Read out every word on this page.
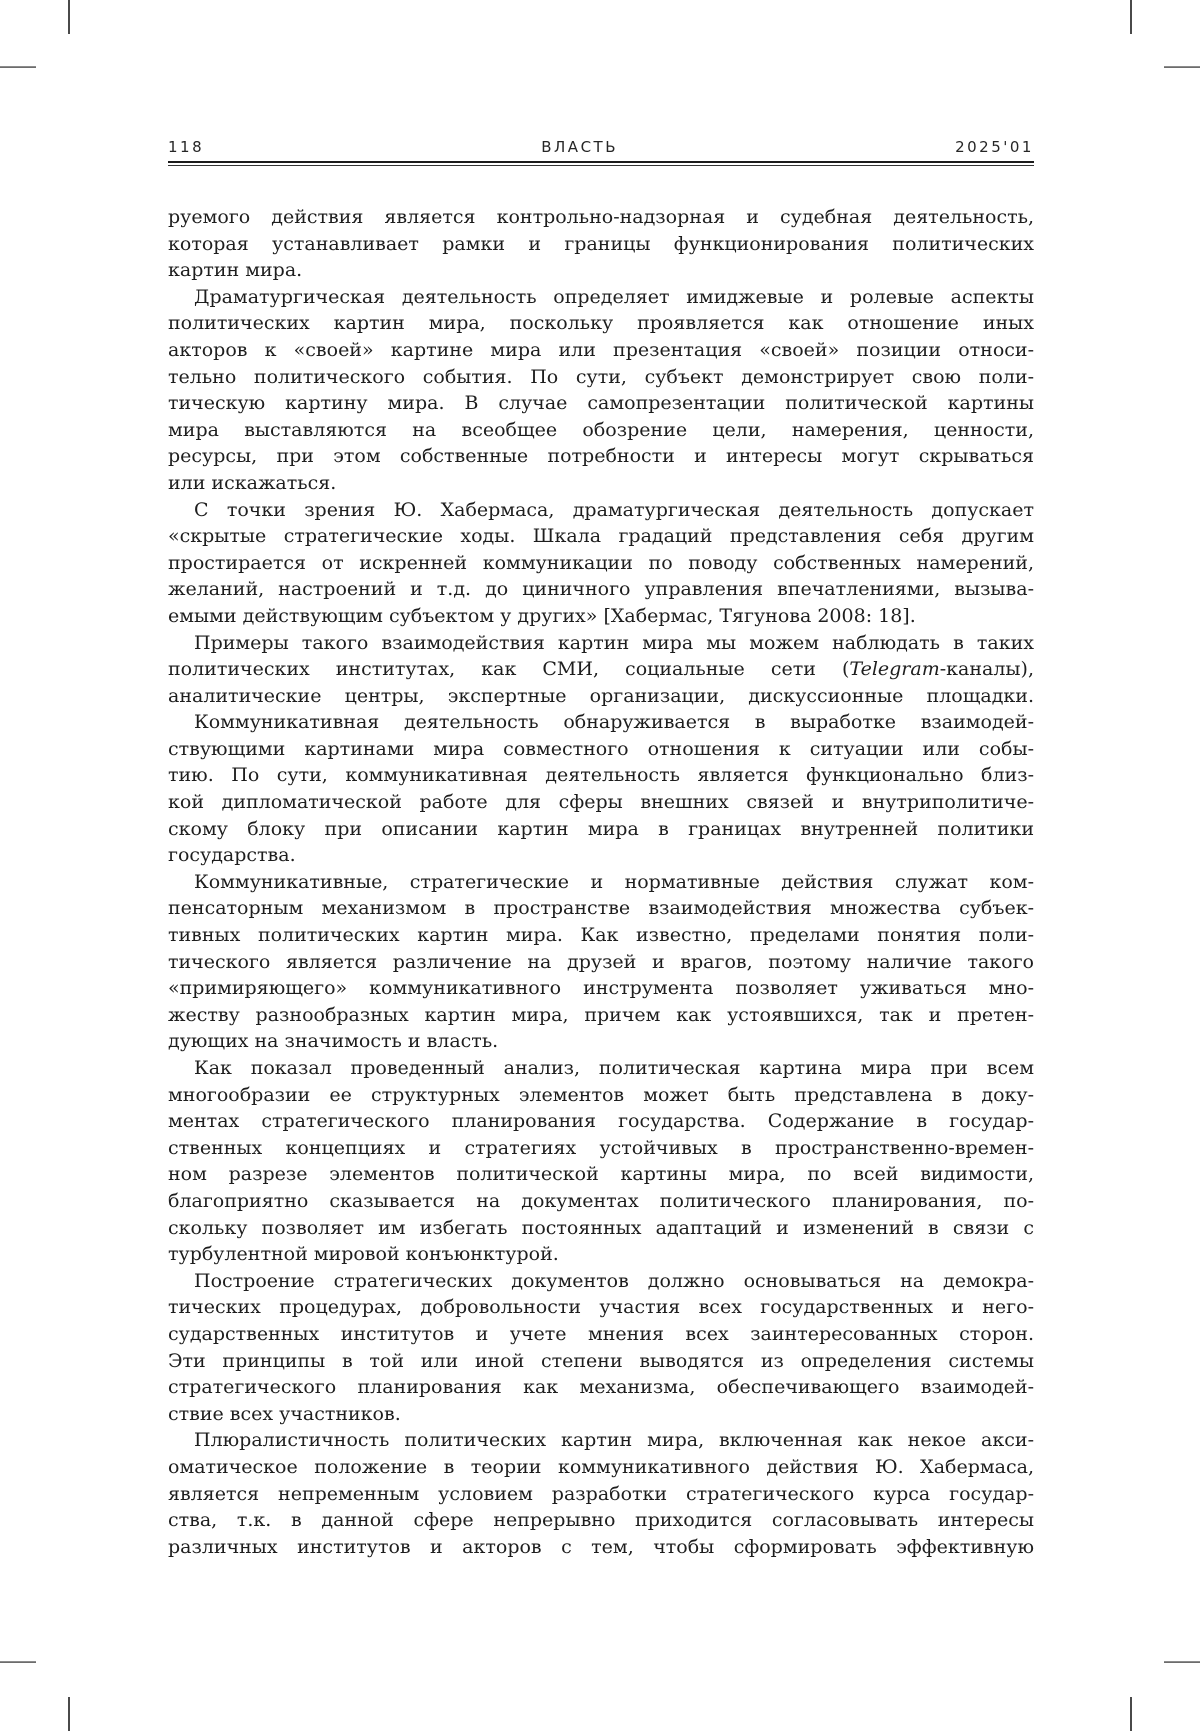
118	ВЛАСТЬ	2025'01
руемого действия является контрольно-надзорная и судебная деятельность,
которая устанавливает рамки и границы функционирования политических
картин мира.
Драматургическая деятельность определяет имиджевые и ролевые аспекты
политических картин мира, поскольку проявляется как отношение иных
акторов к «своей» картине мира или презентация «своей» позиции относи-
тельно политического события. По сути, субъект демонстрирует свою поли-
тическую картину мира. В случае самопрезентации политической картины
мира выставляются на всеобщее обозрение цели, намерения, ценности,
ресурсы, при этом собственные потребности и интересы могут скрываться
или искажаться.
С точки зрения Ю. Хабермаса, драматургическая деятельность допускает
«скрытые стратегические ходы. Шкала градаций представления себя другим
простирается от искренней коммуникации по поводу собственных намерений,
желаний, настроений и т.д. до циничного управления впечатлениями, вызыва-
емыми действующим субъектом у других» [Хабермас, Тягунова 2008: 18].
Примеры такого взаимодействия картин мира мы можем наблюдать в таких
политических институтах, как СМИ, социальные сети (Telegram-каналы),
аналитические центры, экспертные организации, дискуссионные площадки.
Коммуникативная деятельность обнаруживается в выработке взаимодей-
ствующими картинами мира совместного отношения к ситуации или собы-
тию. По сути, коммуникативная деятельность является функционально близ-
кой дипломатической работе для сферы внешних связей и внутриполитиче-
скому блоку при описании картин мира в границах внутренней политики
государства.
Коммуникативные, стратегические и нормативные действия служат ком-
пенсаторным механизмом в пространстве взаимодействия множества субъек-
тивных политических картин мира. Как известно, пределами понятия поли-
тического является различение на друзей и врагов, поэтому наличие такого
«примиряющего» коммуникативного инструмента позволяет уживаться мно-
жеству разнообразных картин мира, причем как устоявшихся, так и претен-
дующих на значимость и власть.
Как показал проведенный анализ, политическая картина мира при всем
многообразии ее структурных элементов может быть представлена в доку-
ментах стратегического планирования государства. Содержание в государ-
ственных концепциях и стратегиях устойчивых в пространственно-времен-
ном разрезе элементов политической картины мира, по всей видимости,
благоприятно сказывается на документах политического планирования, по-
скольку позволяет им избегать постоянных адаптаций и изменений в связи с
турбулентной мировой конъюнктурой.
Построение стратегических документов должно основываться на демокра-
тических процедурах, добровольности участия всех государственных и него-
сударственных институтов и учете мнения всех заинтересованных сторон.
Эти принципы в той или иной степени выводятся из определения системы
стратегического планирования как механизма, обеспечивающего взаимодей-
ствие всех участников.
Плюралистичность политических картин мира, включенная как некое акси-
оматическое положение в теории коммуникативного действия Ю. Хабермаса,
является непременным условием разработки стратегического курса государ-
ства, т.к. в данной сфере непрерывно приходится согласовывать интересы
различных институтов и акторов с тем, чтобы сформировать эффективную
